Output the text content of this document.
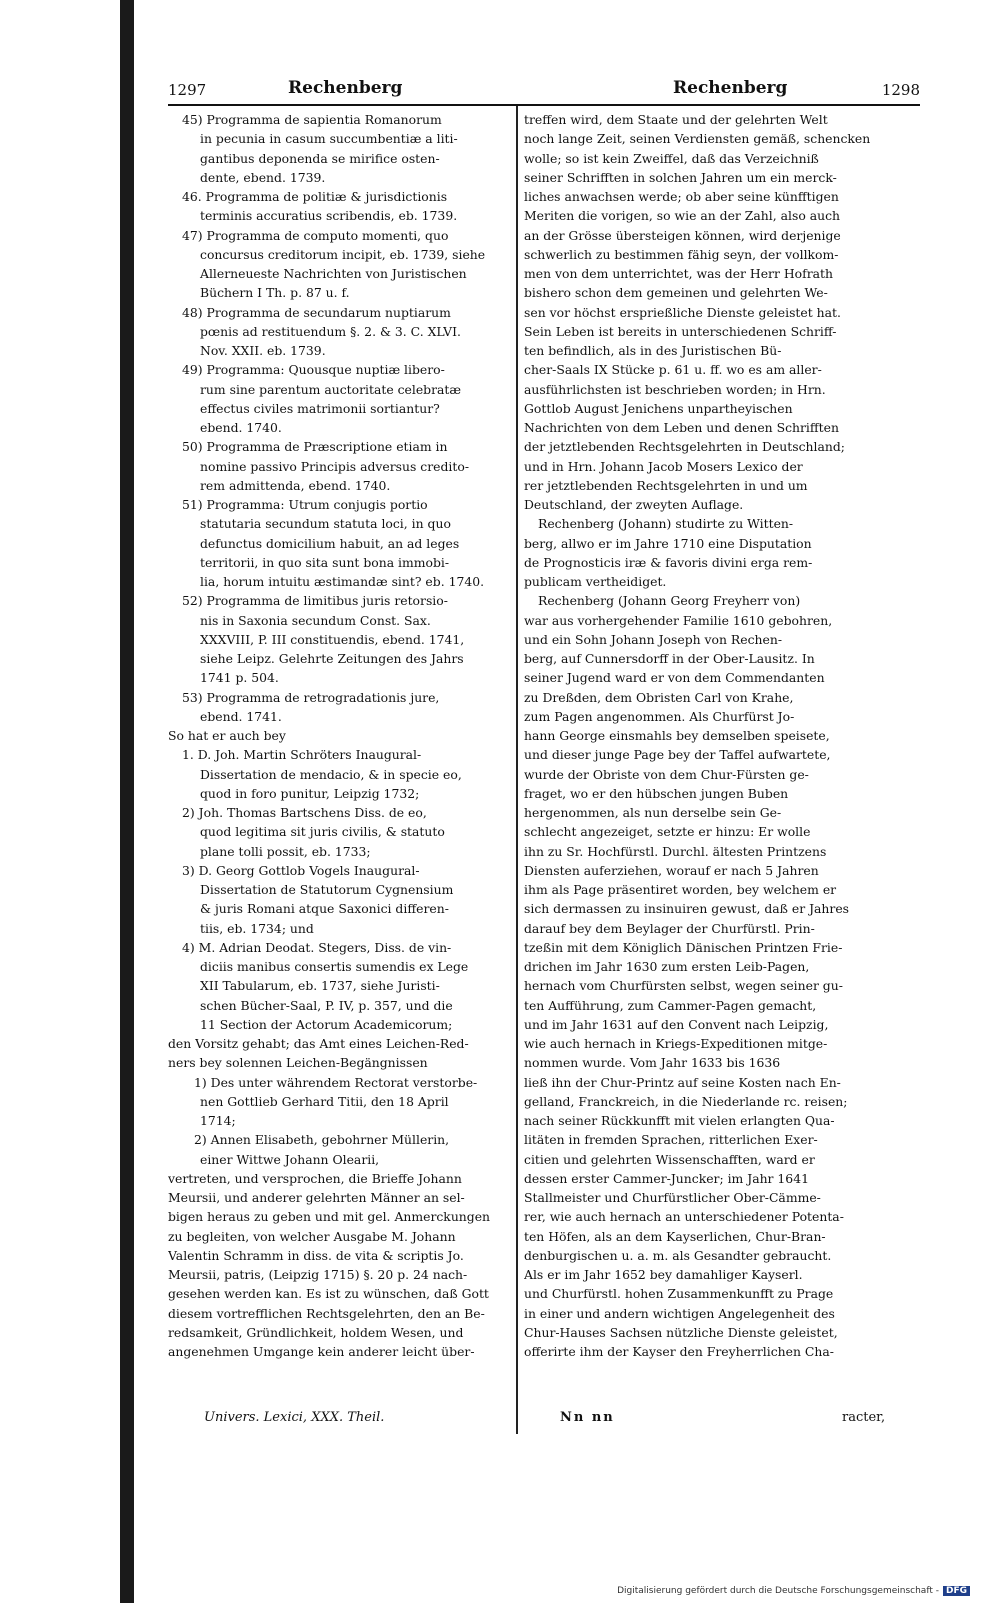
1297	Rechenberg	Rechenberg	1298
45) Programma de sapientia Romanorum
in pecunia in casum succumbentiæ a liti-
gantibus deponenda se mirifice osten-
dente, ebend. 1739.
46. Programma de politiæ & jurisdictionis
terminis accuratius scribendis, eb. 1739.
47) Programma de computo momenti, quo
concursus creditorum incipit, eb. 1739, siehe
Allerneueste Nachrichten von Juristischen
Büchern I Th. p. 87 u. f.
48) Programma de secundarum nuptiarum
pœnis ad restituendum §. 2. & 3. C. XLVI.
Nov. XXII. eb. 1739.
49) Programma: Quousque nuptiæ libero-
rum sine parentum auctoritate celebratæ
effectus civiles matrimonii sortiantur?
ebend. 1740.
50) Programma de Præscriptione etiam in
nomine passivo Principis adversus credito-
rem admittenda, ebend. 1740.
51) Programma: Utrum conjugis portio
statutaria secundum statuta loci, in quo
defunctus domicilium habuit, an ad leges
territorii, in quo sita sunt bona immobi-
lia, horum intuitu æstimandæ sint? eb. 1740.
52) Programma de limitibus juris retorsio-
nis in Saxonia secundum Const. Sax.
XXXVIII, P. III constituendis, ebend. 1741,
siehe Leipz. Gelehrte Zeitungen des Jahrs
1741 p. 504.
53) Programma de retrogradationis jure,
ebend. 1741.
So hat er auch bey
1. D. Joh. Martin Schröters Inaugural-
Dissertation de mendacio, & in specie eo,
quod in foro punitur, Leipzig 1732;
2) Joh. Thomas Bartschens Diss. de eo,
quod legitima sit juris civilis, & statuto
plane tolli possit, eb. 1733;
3) D. Georg Gottlob Vogels Inaugural-
Dissertation de Statutorum Cygnensium
& juris Romani atque Saxonici differen-
tiis, eb. 1734; und
4) M. Adrian Deodat. Stegers, Diss. de vin-
diciis manibus consertis sumendis ex Lege
XII Tabularum, eb. 1737, siehe Juristi-
schen Bücher-Saal, P. IV, p. 357, und die
11 Section der Actorum Academicorum;
den Vorsitz gehabt; das Amt eines Leichen-Red-
ners bey solennen Leichen-Begängnissen
1) Des unter währendem Rectorat verstorbe-
nen Gottlieb Gerhard Titii, den 18 April
1714;
2) Annen Elisabeth, gebohrner Müllerin,
einer Wittwe Johann Olearii,
vertreten, und versprochen, die Brieffe Johann
Meursii, und anderer gelehrten Männer an sel-
bigen heraus zu geben und mit gel. Anmerckungen
zu begleiten, von welcher Ausgabe M. Johann
Valentin Schramm in diss. de vita & scriptis Jo.
Meursii, patris, (Leipzig 1715) §. 20 p. 24 nach-
gesehen werden kan. Es ist zu wünschen, daß Gott
diesem vortrefflichen Rechtsgelehrten, den an Be-
redsamkeit, Gründlichkeit, holdem Wesen, und
angenehmen Umgange kein anderer leicht über-
treffen wird, dem Staate und der gelehrten Welt
noch lange Zeit, seinen Verdiensten gemäß, schencken
wolle; so ist kein Zweiffel, daß das Verzeichniß
seiner Schrifften in solchen Jahren um ein merck-
liches anwachsen werde; ob aber seine künfftigen
Meriten die vorigen, so wie an der Zahl, also auch
an der Grösse übersteigen können, wird derjenige
schwerlich zu bestimmen fähig seyn, der vollkom-
men von dem unterrichtet, was der Herr Hofrath
bishero schon dem gemeinen und gelehrten We-
sen vor höchst ersprießliche Dienste geleistet hat.
Sein Leben ist bereits in unterschiedenen Schriff-
ten befindlich, als in des Juristischen Bü-
cher-Saals IX Stücke p. 61 u. ff. wo es am aller-
ausführlichsten ist beschrieben worden; in Hrn.
Gottlob August Jenichens unpartheyischen
Nachrichten von dem Leben und denen Schrifften
der jetztlebenden Rechtsgelehrten in Deutschland;
und in Hrn. Johann Jacob Mosers Lexico der
rer jetztlebenden Rechtsgelehrten in und um
Deutschland, der zweyten Auflage.
Rechenberg (Johann) studirte zu Witten-
berg, allwo er im Jahre 1710 eine Disputation
de Prognosticis iræ & favoris divini erga rem-
publicam vertheidiget.
Rechenberg (Johann Georg Freyherr von)
war aus vorhergehender Familie 1610 gebohren,
und ein Sohn Johann Joseph von Rechen-
berg, auf Cunnersdorff in der Ober-Lausitz. In
seiner Jugend ward er von dem Commendanten
zu Dreßden, dem Obristen Carl von Krahe,
zum Pagen angenommen. Als Churfürst Jo-
hann George einsmahls bey demselben speisete,
und dieser junge Page bey der Taffel aufwartete,
wurde der Obriste von dem Chur-Fürsten ge-
fraget, wo er den hübschen jungen Buben
hergenommen, als nun derselbe sein Ge-
schlecht angezeiget, setzte er hinzu: Er wolle
ihn zu Sr. Hochfürstl. Durchl. ältesten Printzens
Diensten auferziehen, worauf er nach 5 Jahren
ihm als Page präsentiret worden, bey welchem er
sich dermassen zu insinuiren gewust, daß er Jahres
darauf bey dem Beylager der Churfürstl. Prin-
tzeßin mit dem Königlich Dänischen Printzen Frie-
drichen im Jahr 1630 zum ersten Leib-Pagen,
hernach vom Churfürsten selbst, wegen seiner gu-
ten Aufführung, zum Cammer-Pagen gemacht,
und im Jahr 1631 auf den Convent nach Leipzig,
wie auch hernach in Kriegs-Expeditionen mitge-
nommen wurde. Vom Jahr 1633 bis 1636
ließ ihn der Chur-Printz auf seine Kosten nach En-
gelland, Franckreich, in die Niederlande rc. reisen;
nach seiner Rückkunfft mit vielen erlangten Qua-
litäten in fremden Sprachen, ritterlichen Exer-
citien und gelehrten Wissenschafften, ward er
dessen erster Cammer-Juncker; im Jahr 1641
Stallmeister und Churfürstlicher Ober-Cämme-
rer, wie auch hernach an unterschiedener Potenta-
ten Höfen, als an dem Kayserlichen, Chur-Bran-
denburgischen u. a. m. als Gesandter gebraucht.
Als er im Jahr 1652 bey damahliger Kayserl.
und Churfürstl. hohen Zusammenkunfft zu Prage
in einer und andern wichtigen Angelegenheit des
Chur-Hauses Sachsen nützliche Dienste geleistet,
offerirte ihm der Kayser den Freyherrlichen Cha-
Univers. Lexici, XXX. Theil.	Nn nn	racter,
Digitalisierung gefördert durch die Deutsche Forschungsgemeinschaft - DFG
